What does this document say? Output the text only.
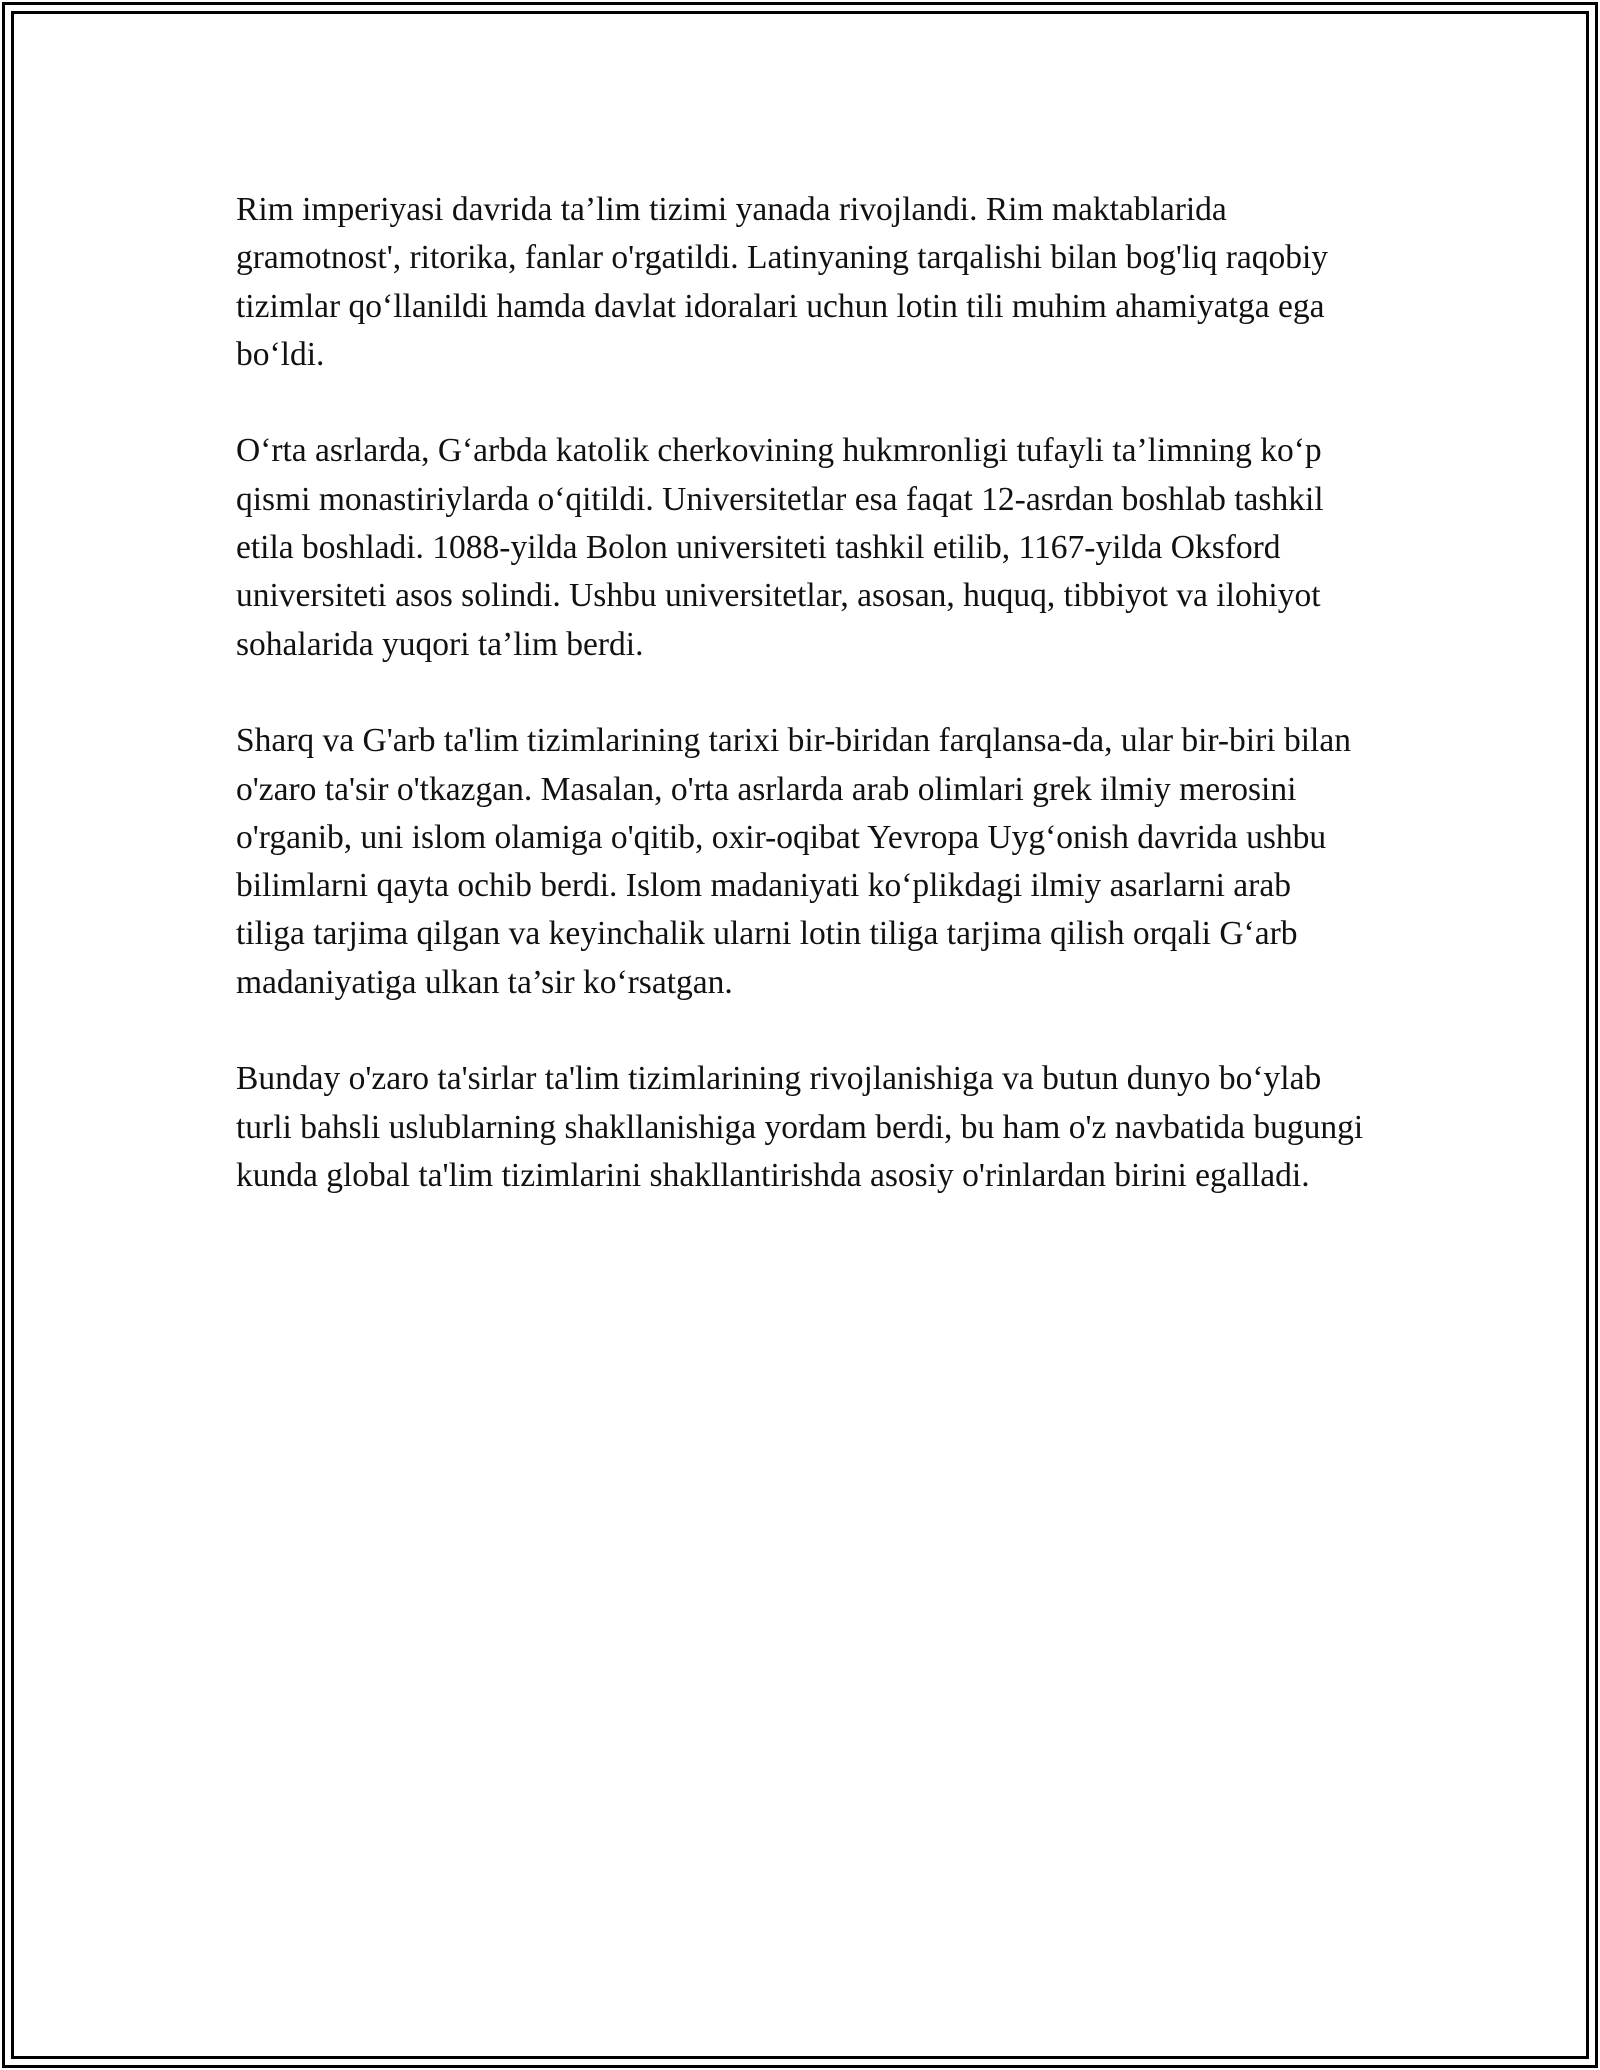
Rim imperiyasi davrida ta’lim tizimi yanada rivojlandi. Rim maktablarida gramotnost', ritorika, fanlar o'rgatildi. Latinyaning tarqalishi bilan bog'liq raqobiy tizimlar qo‘llanildi hamda davlat idoralari uchun lotin tili muhim ahamiyatga ega bo‘ldi.

O‘rta asrlarda, G‘arbda katolik cherkovining hukmronligi tufayli ta’limning ko‘p qismi monastiriylarda o‘qitildi. Universitetlar esa faqat 12-asrdan boshlab tashkil etila boshladi. 1088-yilda Bolon universiteti tashkil etilib, 1167-yilda Oksford universiteti asos solindi. Ushbu universitetlar, asosan, huquq, tibbiyot va ilohiyot sohalarida yuqori ta’lim berdi.

Sharq va G'arb ta'lim tizimlarining tarixi bir-biridan farqlansa-da, ular bir-biri bilan o'zaro ta'sir o'tkazgan. Masalan, o'rta asrlarda arab olimlari grek ilmiy merosini o'rganib, uni islom olamiga o'qitib, oxir-oqibat Yevropa Uyg‘onish davrida ushbu bilimlarni qayta ochib berdi. Islom madaniyati ko‘plikdagi ilmiy asarlarni arab tiliga tarjima qilgan va keyinchalik ularni lotin tiliga tarjima qilish orqali G‘arb madaniyatiga ulkan ta’sir ko‘rsatgan.

Bunday o'zaro ta'sirlar ta'lim tizimlarining rivojlanishiga va butun dunyo bo‘ylab turli bahsli uslublarning shakllanishiga yordam berdi, bu ham o'z navbatida bugungi kunda global ta'lim tizimlarini shakllantirishda asosiy o'rinlardan birini egalladi.
